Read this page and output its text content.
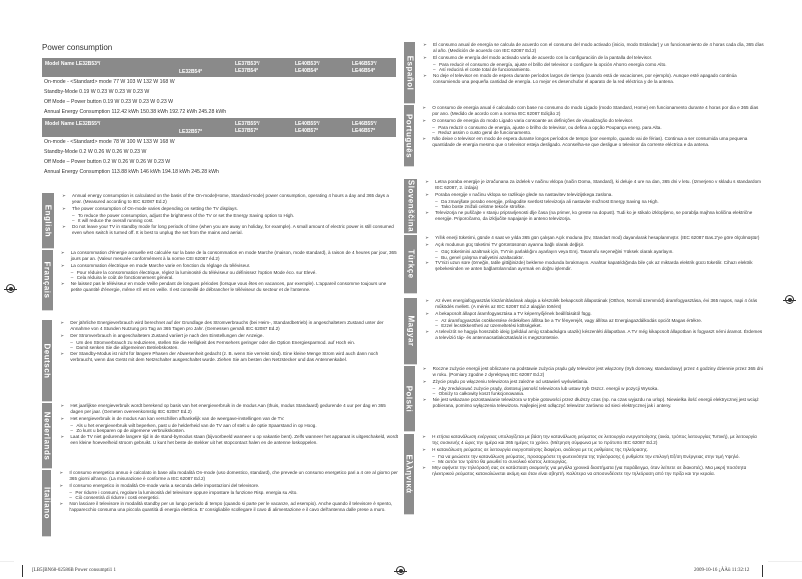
Power consumption
Model Name LE32B53*/
LE32B54*
LE37B53*/
LE37B54*
LE40B53*/
LE40B54*
LE46B53*/
LE46B54*
On-mode - <Standard> mode 77 W 103 W 132 W 168 W
Standby-Mode 0.19 W 0.23 W 0.23 W 0.23 W
Off Mode – Power button 0.19 W 0.23 W 0.23 W 0.23 W
Annual Energy Consumption 112.42 kWh 150.38 kWh 192.72 kWh 245.28 kWh
Model Name LE32B55*/
LE32B57*
LE37B55*/
LE37B57*
LE40B55*/
LE40B57*
LE46B55*/
LE46B57*
On-mode - <Standard> mode 78 W 100 W 133 W 168 W
Standby-Mode 0.2 W 0.26 W 0.26 W 0.23 W
Off Mode – Power button 0.2 W 0.26 W 0.26 W 0.23 W
Annual Energy Consumption 113.88 kWh 146 kWh 194.18 kWh 245.28 kWh
English
➢ Annual energy consumption is calculated on the basis of the On-mode(Home, Standard-mode) power consumption, operating 4 hours a day and 365 days a year. (Measured according to IEC 62087 Ed.2)
➢ The power consumption of On-mode varies depending on setting the TV displays.
– To reduce the power consumption, adjust the brightness of the TV or set the Energy Saving option to High.
– It will reduce the overall running cost.
➢ Do not leave your TV in standby mode for long periods of time (when you are away on holiday, for example). A small amount of electric power is still consumed even when switch is turned off. It is best to unplug the set from the mains and aerial.
Français
➢ La consommation d'énergie annuelle est calculée sur la base de la consommation en mode Marche (maison, mode standard), à raison de 4 heures par jour, 365 jours par an. (Valeur mesurée conformément à la norme CEI 62087 éd.2)
➢ La consommation électrique en mode Marche varie en fonction du réglage du téléviseur.
– Pour réduire la consommation électrique, réglez la luminosité du téléviseur ou définissez l'option Mode éco. sur Elevé.
– Cela réduira le coût de fonctionnement général.
➢ Ne laissez pas le téléviseur en mode Veille pendant de longues périodes (lorsque vous êtes en vacances, par exemple). L'appareil consomme toujours une petite quantité d'énergie, même s'il est en veille. Il est conseillé de débrancher le téléviseur du secteur et de l'antenne.
Deutsch
➢ Der jährliche Energieverbrauch wird berechnet auf der Grundlage des Stromverbrauchs (bei Heim-, Standardbetrieb) in angeschaltetem Zustand unter der Annahme von 4 Stunden Nutzung pro Tag an 365 Tagen pro Jahr. (Gemessen gemäß IEC 62087 Ed.2)
➢ Der Stromverbrauch in angeschaltetem Zustand variiert je nach den Einstellungen der Anzeige.
– Um den Stromverbrauch zu reduzieren, stellen Sie die Helligkeit des Fernsehers geringer oder die Option Energiesparmod. auf Hoch ein.
– Damit senken Sie die allgemeinen Betriebskosten.
➢ Der Standby-Modus ist nicht für längere Phasen der Abwesenheit gedacht (z. B. wenn Sie verreist sind). Eine kleine Menge Strom wird auch dann noch verbraucht, wenn das Gerät mit dem Netzschalter ausgeschaltet wurde. Ziehen Sie am besten den Netzstecker und das Antennenkabel.
Nederlands
➢ Het jaarlijkse energieverbruik wordt berekend op basis van het energieverbruik in de modus Aan (thuis, modus Standaard) gedurende 4 uur per dag en 365 dagen per jaar. (Gemeten overeenkomstig IEC 62087 Ed.2)
➢ Het energieverbruik in de modus Aan kan verschillen afhankelijk van de weergave-instellingen van de TV.
– Als u het energieverbruik wilt beperken, past u de helderheid van de TV aan of stelt u de optie Spaarstand in op Hoog.
– Zo kunt u besparen op de algemene verbruikskosten.
➢ Laat de TV niet gedurende langere tijd in de stand-bymodus staan (bijvoorbeeld wanneer u op vakantie bent). Zelfs wanneer het apparaat is uitgeschakeld, wordt een kleine hoeveelheid stroom gebruikt. U kunt het beste de stekker uit het stopcontact halen en de antenne loskoppelen.
Italiano
➢ Il consumo energetico annuo è calcolato in base alla modalità On-mode (uso domestico, standard), che prevede un consumo energetico pari a 4 ore al giorno per 365 giorni all'anno. (La misurazione è conforme a IEC 62087 Ed.2)
➢ Il consumo energetico in modalità On-mode varia a seconda delle impostazioni del televisore.
– Per ridurre i consumi, regolare la luminosità del televisore oppure impostare la funzione Risp. energia su Alto.
– Ciò consentirà di ridurre i costi energetici.
➢ Non lasciare il televisore in modalità standby per un lungo periodo di tempo (quando si parte per le vacanze, ad esempio). Anche quando il televisore è spento, l'apparecchio consuma una piccola quantità di energia elettrica. E' consigliabile scollegare il cavo di alimentazione e il cavo dell'antenna dalle prese a muro.
Español
➢ El consumo anual de energía se calcula de acuerdo con el consumo del modo activado (inicio, modo Estándar) y un funcionamiento de 4 horas cada día, 365 días al año. (Medición de acuerdo con IEC 62087 Ed.2)
➢ El consumo de energía del modo activado varía de acuerdo con la configuración de la pantalla del televisor.
– Para reducir el consumo de energía, ajuste el brillo del televisor o configure la opción Ahorro energía como Alto.
– Así reducirá el coste total de funcionamiento.
➢ No deje el televisor en modo de espera durante períodos largos de tiempo (cuando está de vacaciones, por ejemplo). Aunque esté apagado continúa consumiendo una pequeña cantidad de energía. Lo mejor es desenchufar el aparato de la red eléctrica y de la antena.
Português
➢ O consumo de energia anual é calculado com base no consumo do modo Ligado (modo Standard, Home) em funcionamento durante 4 horas por dia e 365 dias por ano. (Medido de acordo com a norma IEC 62087 Edição 2)
➢ O consumo de energia do modo Ligado varia consoante as definições de visualização do televisor.
– Para reduzir o consumo de energia, ajuste o brilho do televisor, ou defina a opção Poupança energ. para Alta.
– Reduz assim o custo geral de funcionamento.
➢ Não deixe o televisor em modo de espera durante longos períodos de tempo (por exemplo, quando vai de férias). Continua a ser consumida uma pequena quantidade de energia mesmo que o televisor esteja desligado. Aconselha-se que desligue o televisor da corrente eléctrica e da antena.
Slovenščina	➢ Letna poraba energije je izračunana za izdelek v načinu vklopa (način Doma, Standard), ki deluje 4 ure na dan, 365 dni v letu. (Izmerjeno v skladu s standardom IEC 62087, 2. izdaja)
➢ Poraba energije v načinu vklopa se razlikuje glede na nastavitev televizijskega zaslona.
– Da zmanjšate porabo energije, prilagodite svetlost televizorja ali nastavite možnost Energy Saving na High.
– Tako boste znižali celotne tekoče stroške.
➢ Televizorja ne puščajte v stanju pripravljenosti dlje časa (na primer, ko greste na dopust). Tudi ko je stikalo izklopljeno, se porablja majhna količina električne energije. Priporočamo, da izključite napajanje in anteno televizorja.
Türkçe
➢ Yıllık enerji tüketimi, günde 4 saat ve yılda 365 gün çalışan Açık moduna (Ev, Standart mod) dayanılarak hesaplanmıştır. (IEC 62087 Bas.2'ye göre ölçülmüştür)
➢ Açık modunun güç tüketimi TV görüntüsünün ayarına bağlı olarak değişir.
– Güç tüketimini azaltmak için, TV'nin parlaklığını ayarlayın veya Enrj. Tasarrufu seçeneğini Yüksek olarak ayarlayın.
– Bu, genel çalışma maliyetini azaltacaktır.
➢ TV'nizi uzun süre (örneğin, tatile gittiğinizde) bekleme modunda bırakmayın. Anahtar kapatıldığında bile çok az miktarda elektrik gücü tüketilir. Cihazı elektrik şebekesinden ve anten bağlantılarından ayırmak en doğru işlemdir.
Magyar
➢ Az éves energiafogyasztás kiszámításának alapja a készülék bekapcsolt állapotának (Otthon, Normál üzemmód) áramfogyasztása, évi 365 napos, napi 4 órás működés mellett. (A mérés az IEC 62087 Ed.2 alapján történt)
➢ A bekapcsolt állapot áramfogyasztása a TV képernyőjének beállításától függ.
– Az áramfogyasztás csökkentése érdekében állítsa be a TV fényerejét, vagy állítsa az Energiagazdálkodás opciót Magas értékre.
– Ezzel lecsökkentheti az üzemeltetési költségeket.
➢ A televízót ne hagyja hosszabb ideig (például amíg szabadságra utazik) készenléti állapotban. A TV még kikapcsolt állapotban is fogyaszt némi áramot. Érdemes a televízió táp- és antennacsatlakoztatását is megszüntetnie.
Polski
➢ Roczne zużycie energii jest obliczane na podstawie zużycia prądu gdy telewizor jest włączony (tryb domowy, standardowy) przez 4 godziny dziennie przez 365 dni w roku. (Pomiary zgodne z dyrektywą IEC 62087 Ed.2)
➢ Zżycie prądu po włączeniu telewizora jest zależne od ustawień wyświetlania.
– Aby zredukować zużycie prądy, dostosuj jasność telewizora lub ustaw tryb Oszcz. energii w pozycji Wysoka.
– Obniży to całkowity koszt funkcjonowania.
➢ Nie jest wskazane pozostawianie telewizora w trybie gotowości przez dłuższy czas (np. na czas wyjazdu na urlop). Niewielka ilość energii elektrycznej jest wciąż pobierana, pomimo wyłączenia telewizora. Najlepiej jest odłączyć telewizor zarówno od sieci elektrycznej jak i anteny.
Ελληνικά
➢ Η ετήσια κατανάλωση ενέργειας υπολογίζεται με βάση την κατανάλωση ρεύματος σε λειτουργία ενεργοποίησης (οικία, τρόπος λειτουργίας Τυπική), με λειτουργία της συσκευής 4 ώρες την ημέρα και 365 ημέρες το χρόνο. (Μέτρηση σύμφωνα με το πρότυπο IEC 62087 Ed.2)
➢ Η κατανάλωση ρεύματος σε λειτουργία ενεργοποίησης διαφέρει, ανάλογα με τις ρυθμίσεις της τηλεόρασης.
– Για να μειώσετε την κατανάλωση ρεύματος, προσαρμόστε τη φωτεινότητα της τηλεόρασης ή ρυθμίστε την επιλογή Εξ/ση Ενέργειας στην τιμή Υψηλό.
– Με αυτόν τον τρόπο θα μειωθεί το συνολικό κόστος λειτουργίας.
➢ Μην αφήνετε την τηλεόρασή σας σε κατάσταση αναμονής για μεγάλα χρονικά διαστήματα (για παράδειγμα, όταν λείπετε σε διακοπές). Μια μικρή ποσότητα ηλεκτρικού ρεύματος καταναλώνεται ακόμη και όταν είναι σβηστή. Καλύτερα να αποσυνδέσετε την τηλεόραση από την πρίζα και την κεραία.
[LB5]BN68-02586B Power consumpti1 1	2009-10-16 ¿ÀÀü 11:32:12
